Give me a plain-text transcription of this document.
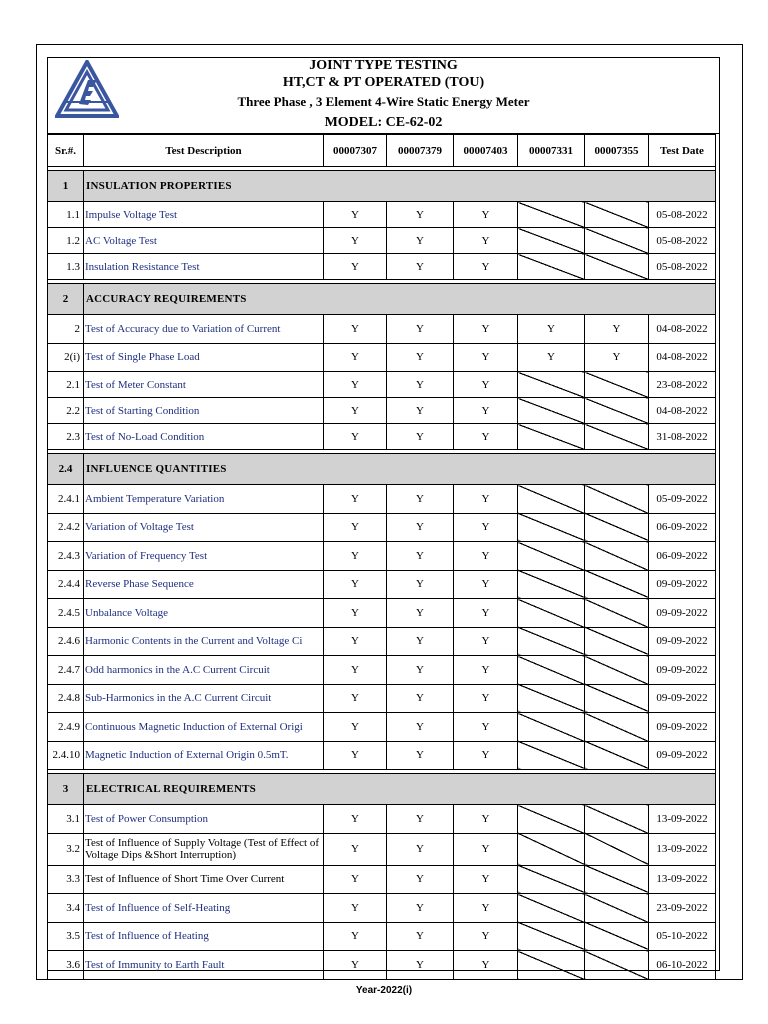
JOINT TYPE TESTING
HT,CT & PT OPERATED (TOU)
Three Phase , 3 Element 4-Wire Static Energy Meter
MODEL: CE-62-02
Sr.#.	Test Description	00007307	00007379	00007403	00007331	00007355	Test Date

1	INSULATION PROPERTIES						
1.1	Impulse Voltage Test	Y	Y	Y			05-08-2022
1.2	AC Voltage Test	Y	Y	Y			05-08-2022
1.3	Insulation Resistance Test	Y	Y	Y			05-08-2022

2	ACCURACY REQUIREMENTS						
2	Test of Accuracy due to Variation of Current	Y	Y	Y	Y	Y	04-08-2022
2(i)	Test of Single Phase Load	Y	Y	Y	Y	Y	04-08-2022
2.1	Test of Meter Constant	Y	Y	Y			23-08-2022
2.2	Test of Starting Condition	Y	Y	Y			04-08-2022
2.3	Test of No-Load Condition	Y	Y	Y			31-08-2022

2.4	INFLUENCE QUANTITIES						
2.4.1	Ambient Temperature Variation	Y	Y	Y			05-09-2022
2.4.2	Variation of Voltage Test	Y	Y	Y			06-09-2022
2.4.3	Variation of Frequency Test	Y	Y	Y			06-09-2022
2.4.4	Reverse Phase Sequence	Y	Y	Y			09-09-2022
2.4.5	Unbalance Voltage	Y	Y	Y			09-09-2022
2.4.6	Harmonic Contents in the Current and Voltage Ci	Y	Y	Y			09-09-2022
2.4.7	Odd harmonics in the A.C Current Circuit	Y	Y	Y			09-09-2022
2.4.8	Sub-Harmonics in the A.C Current Circuit	Y	Y	Y			09-09-2022
2.4.9	Continuous Magnetic Induction of External Origi	Y	Y	Y			09-09-2022
2.4.10	Magnetic Induction of External Origin 0.5mT.	Y	Y	Y			09-09-2022

3	ELECTRICAL REQUIREMENTS						
3.1	Test of Power Consumption	Y	Y	Y			13-09-2022
3.2	Test of Influence of Supply Voltage (Test of Effect of Voltage Dips &Short Interruption)	Y	Y	Y			13-09-2022
3.3	Test of Influence of Short Time Over Current	Y	Y	Y			13-09-2022
3.4	Test of Influence of Self-Heating	Y	Y	Y			23-09-2022
3.5	Test of Influence of Heating	Y	Y	Y			05-10-2022
3.6	Test of Immunity to Earth Fault	Y	Y	Y			06-10-2022
Year-2022(i)
